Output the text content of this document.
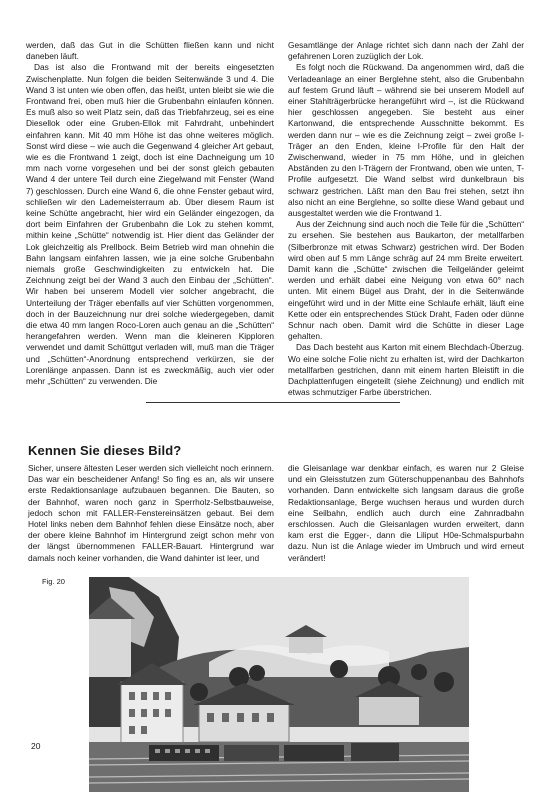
werden, daß das Gut in die Schütten fließen kann und nicht daneben läuft.

Das ist also die Frontwand mit der bereits eingesetzten Zwischenplatte. Nun folgen die beiden Seitenwände 3 und 4. Die Wand 3 ist unten wie oben offen, das heißt, unten bleibt sie wie die Frontwand frei, oben muß hier die Grubenbahn einlaufen können. Es muß also so weit Platz sein, daß das Triebfahrzeug, sei es eine Diesellok oder eine Gruben-Ellok mit Fahrdraht, unbehindert einfahren kann. Mit 40 mm Höhe ist das ohne weiteres möglich. Sonst wird diese – wie auch die Gegenwand 4 gleicher Art gebaut, wie es die Frontwand 1 zeigt, doch ist eine Dachneigung um 10 mm nach vorne vorgesehen und bei der sonst gleich gebauten Wand 4 der untere Teil durch eine Ziegelwand mit Fenster (Wand 7) geschlossen. Durch eine Wand 6, die ohne Fenster gebaut wird, schließen wir den Lademeisterraum ab. Über diesem Raum ist keine Schütte angebracht, hier wird ein Geländer eingezogen, da dort beim Einfahren der Grubenbahn die Lok zu stehen kommt, mithin keine „Schütte“ notwendig ist. Hier dient das Geländer der Lok gleichzeitig als Prellbock. Beim Betrieb wird man ohnehin die Bahn langsam einfahren lassen, wie ja eine solche Grubenbahn niemals große Geschwindigkeiten zu entwickeln hat. Die Zeichnung zeigt bei der Wand 3 auch den Einbau der „Schütten“. Wir haben bei unserem Modell vier solcher angebracht, die Unterteilung der Träger ebenfalls auf vier Schütten vorgenommen, doch in der Bauzeichnung nur drei solche wiedergegeben, damit die etwa 40 mm langen Roco-Loren auch genau an die „Schütten“ herangefahren werden. Wenn man die kleineren Kipploren verwendet und damit Schüttgut verladen will, muß man die Träger und „Schütten“-Anordnung entsprechend verkürzen, sie der Lorenlänge anpassen. Dann ist es zweckmäßig, auch vier oder mehr „Schütten“ zu verwenden. Die

Gesamtlänge der Anlage richtet sich dann nach der Zahl der gefahrenen Loren zuzüglich der Lok.

Es folgt noch die Rückwand. Da angenommen wird, daß die Verladeanlage an einer Berglehne steht, also die Grubenbahn auf festem Grund läuft – während sie bei unserem Modell auf einer Stahlträgerbrücke herangeführt wird –, ist die Rückwand hier geschlossen angegeben. Sie besteht aus einer Kartonwand, die entsprechende Ausschnitte bekommt. Es werden dann nur – wie es die Zeichnung zeigt – zwei große I-Träger an den Enden, kleine I-Profile für den Halt der Zwischenwand, wieder in 75 mm Höhe, und in gleichen Abständen zu den I-Trägern der Frontwand, oben wie unten, T-Profile aufgesetzt. Die Wand selbst wird dunkelbraun bis schwarz gestrichen. Läßt man den Bau frei stehen, setzt ihn also nicht an eine Berglehne, so sollte diese Wand gebaut und ausgestaltet werden wie die Frontwand 1.

Aus der Zeichnung sind auch noch die Teile für die „Schütten“ zu ersehen. Sie bestehen aus Baukarton, der metallfarben (Silberbronze mit etwas Schwarz) gestrichen wird. Der Boden wird oben auf 5 mm Länge schräg auf 24 mm Breite erweitert. Damit kann die „Schütte“ zwischen die Teilgeländer geleimt werden und erhält dabei eine Neigung von etwa 60° nach unten. Mit einem Bügel aus Draht, der in die Seitenwände eingeführt wird und in der Mitte eine Schlaufe erhält, läuft eine Kette oder ein entsprechendes Stück Draht, Faden oder dünne Schnur nach oben. Damit wird die Schütte in dieser Lage gehalten.

Das Dach besteht aus Karton mit einem Blechdach-Überzug. Wo eine solche Folie nicht zu erhalten ist, wird der Dachkarton metallfarben gestrichen, dann mit einem harten Bleistift in die Dachplattenfugen eingeteilt (siehe Zeichnung) und endlich mit etwas schmutziger Farbe überstrichen.

Kennen Sie dieses Bild?

Sicher, unsere ältesten Leser werden sich vielleicht noch erinnern. Das war ein bescheidener Anfang! So fing es an, als wir unsere erste Redaktionsanlage aufzubauen begannen. Die Bauten, so der Bahnhof, waren noch ganz in Sperrholz-Selbstbauweise, jedoch schon mit FALLER-Fenstereinsätzen gebaut. Bei dem Hotel links neben dem Bahnhof fehlen diese Einsätze noch, aber der obere kleine Bahnhof im Hintergrund zeigt schon mehr von der längst übernommenen FALLER-Bauart. Hintergrund war damals noch keiner vorhanden, die Wand dahinter ist leer, und

die Gleisanlage war denkbar einfach, es waren nur 2 Gleise und ein Gleisstutzen zum Güterschuppenanbau des Bahnhofs vorhanden. Dann entwickelte sich langsam daraus die große Redaktionsanlage, Berge wuchsen heraus und wurden durch eine Seilbahn, endlich auch durch eine Zahnradbahn erschlossen. Auch die Gleisanlagen wurden erweitert, dann kam erst die Egger-, dann die Liliput H0e-Schmalspurbahn dazu. Nun ist die Anlage wieder im Umbruch und wird erneut verändert!

Fig. 20
20
